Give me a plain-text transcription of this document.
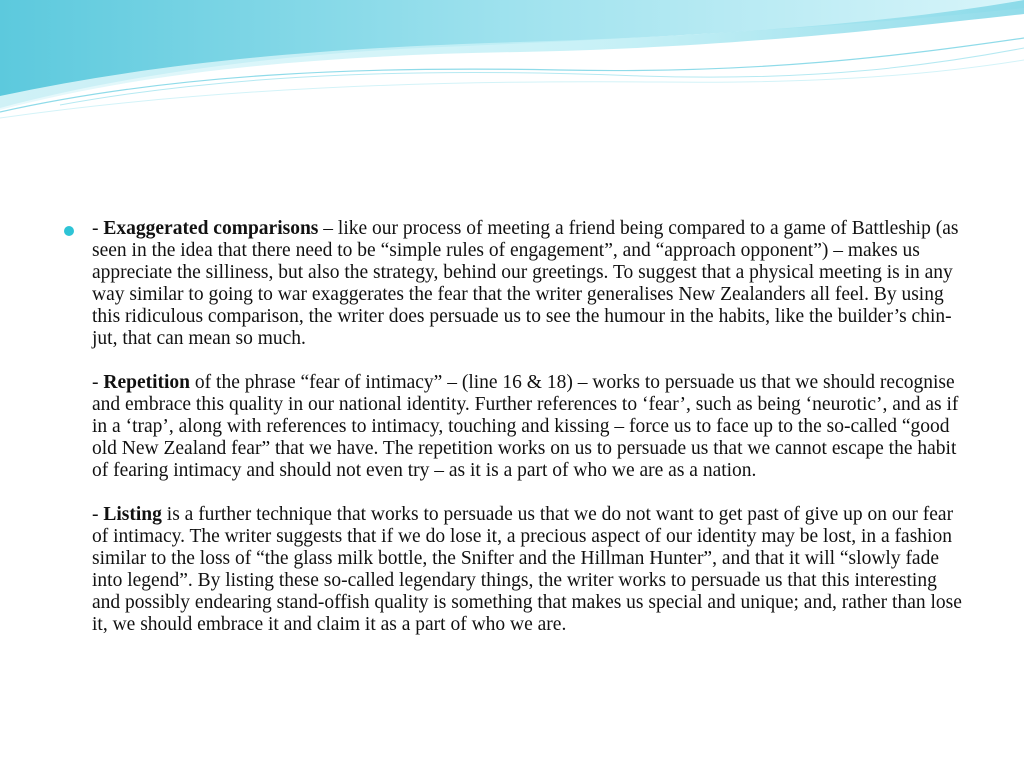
- Exaggerated comparisons – like our process of meeting a friend being compared to a game of Battleship (as seen in the idea that there need to be “simple rules of engagement”, and “approach opponent”) – makes us appreciate the silliness, but also the strategy, behind our greetings. To suggest that a physical meeting is in any way similar to going to war exaggerates the fear that the writer generalises New Zealanders all feel. By using this ridiculous comparison, the writer does persuade us to see the humour in the habits, like the builder’s chin-jut, that can mean so much.

- Repetition of the phrase “fear of intimacy” – (line 16 & 18) – works to persuade us that we should recognise and embrace this quality in our national identity. Further references to ‘fear’, such as being ‘neurotic’, and as if in a ‘trap’, along with references to intimacy, touching and kissing – force us to face up to the so-called “good old New Zealand fear” that we have. The repetition works on us to persuade us that we cannot escape the habit of fearing intimacy and should not even try – as it is a part of who we are as a nation.

- Listing is a further technique that works to persuade us that we do not want to get past of give up on our fear of intimacy. The writer suggests that if we do lose it, a precious aspect of our identity may be lost, in a fashion similar to the loss of “the glass milk bottle, the Snifter and the Hillman Hunter”, and that it will “slowly fade into legend”. By listing these so-called legendary things, the writer works to persuade us that this interesting and possibly endearing stand-offish quality is something that makes us special and unique; and, rather than lose it, we should embrace it and claim it as a part of who we are.
